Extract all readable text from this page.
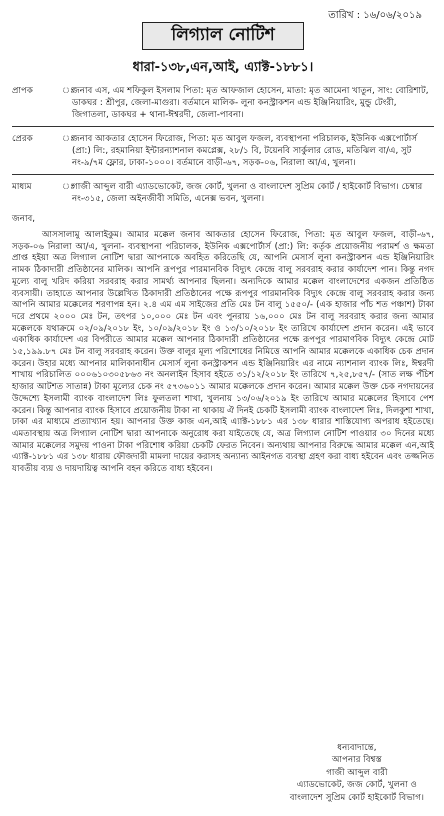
তারিখ : ১৬/০৬/২০১৯
লিগ্যাল নোটিশ
ধারা-১৩৮,এন,আই, এ্যাক্ট-১৮৮১।
প্রাপক	ঃ
জনাব এস, এম শফিকুল ইসলাম পিতা: মৃত আফজাল হোসেন, মাতা: মৃত আমেনা খাতুন, সাং: বোরিশাট, ডাকঘর : শ্রীপুর, জেলা-মাগুরা। বর্তমানে মালিক- লুনা কনস্ট্রাকশন এন্ড ইঞ্জিনিয়ারিং, মুন্ডু টেংরী, জিগাতলা, ডাকঘর + থানা-ঈশ্বরদী, জেলা-পাবনা।
প্রেরক	ঃ
জনাব আকতার হোসেন ফিরোজ, পিতা: মৃত আবুল ফজল, ব্যবস্থাপনা পরিচালক, ইউনিক এক্সপোর্টার্স (প্রা:) লি:, রহমানিয়া ইন্টারন্যাশনাল কমপ্লেক্স, ২৮/১ বি, টয়েনবি সার্কুলার রোড, মতিঝিল বা/এ, সুট নং-৯/৭ম ফ্লোর, ঢাকা-১০০০। বর্তমানে বাড়ী-৬৭, সড়ক-০৬, নিরালা আ/এ, খুলনা।
মাধ্যম	ঃ
গাজী আব্দুল বারী এ্যাডভোকেট, জজ কোর্ট, খুলনা ও বাংলাদেশ সুপ্রিম কোর্ট / হাইকোর্ট বিভাগ। চেম্বার নং-৩১৫, জেলা অইনজীবী সমিতি, এনেক্স ভবন, খুলনা।
জনাব,
আসসালামু আলাইকুম। আমার মক্কেল জনাব আকতার হোসেন ফিরোজ, পিতা: মৃত আবুল ফজল, বাড়ী-৬৭, সড়ক-০৬ নিরালা আ/এ, খুলনা- ব্যবস্থাপনা পরিচালক, ইউনিক এক্সপোর্টার্স (প্রা:) লি: কর্তৃক প্রয়োজনীয় পরামর্শ ও ক্ষমতা প্রাপ্ত হইয়া অত্র লিগ্যাল নোটিশ দ্বারা আপনাকে অবহিত করিতেছি যে, আপনি মেসার্স লুনা কনস্ট্রাকশন এন্ড ইঞ্জিনিয়ারিং নামক ঠিকাদারী প্রতিষ্ঠানের মালিক। আপনি রূপপুর পারমানবিক বিদ্যুৎ কেন্দ্রে বালু সরবরাহ করার কার্যাদেশ পান। কিন্তু নগদ মূল্যে বালু খরিদ করিয়া সরবরাহ করার সামর্থ্য আপনার ছিলনা। অন্যদিকে আমার মক্কেল বাংলাদেশের একজন প্রতিষ্ঠিত ব্যবসায়ী। তাহাতে আপনার উল্লেখিত ঠিকাদারী প্রতিষ্ঠানের পক্ষে রূপপুর পারমানবিক বিদ্যুৎ কেন্দ্রে বালু সরবরাহ করার জন্য আপনি আমার মক্কেলের শরণাপন্ন হন। ২.৪ এম এম সাইজের প্রতি মেঃ টন বালু ১৫৫০/- (এক হাজার পাঁচ শত পঞ্চাশ) টাকা দরে প্রথমে ২০০০ মেঃ টন, তৎপর ১০,০০০ মেঃ টন এবং পুনরায় ১৬,০০০ মেঃ টন বালু সরবরাহ করার জন্য আমার মক্কেলকে যথাক্রমে ০২/০৯/২০১৮ ইং, ১০/০৯/২০১৮ ইং ও ১৩/১০/২০১৮ ইং তারিখে কার্যাদেশ প্রদান করেন। এই ভাবে একাধিক কার্যাদেশ এর বিপরীতে আমার মক্কেল আপনার ঠিকাদারী প্রতিষ্ঠানের পক্ষে রূপপুর পারমাণবিক বিদ্যুৎ কেন্দ্রে মোট ১৫,১৯৯.৮৭ মেঃ টন বালু সরবরাহ করেন। উক্ত বালুর মূল্য পরিশোধের নিমিত্তে আপনি আমার মক্কেলকে একাধিক চেক প্রদান করেন। উহার মধ্যে আপনার মালিকানাধীন মেসার্স লুনা কনস্ট্রাকশন এন্ড ইঞ্জিনিয়ারিং এর নামে ন্যাশনাল ব্যাংক লিঃ, ঈশ্বরদী শাখায় পরিচালিত ০০০৬১০৩০৫৮৬৩ নং অনলাইন হিসাব হইতে ৩১/১২/২০১৮ ইং তারিখে ৭,২৫,৮৫৭/- (সাত লক্ষ পঁচিশ হাজার আটশত সাতান্ন) টাকা মূল্যের চেক নং ৫৭৩৬০১১ আমার মক্কেলকে প্রদান করেন। আমার মক্কেল উক্ত চেক নগদায়নের উদ্দেশ্যে ইসলামী ব্যাংক বাংলাদেশ লিঃ ফুলতলা শাখা, খুলনায় ১৩/০৬/২০১৯ ইং তারিখে আমার মক্কেলের হিসাবে পেশ করেন। কিন্তু আপনার ব্যাংক হিসাবে প্রয়োজনীয় টাকা না থাকায় ঐ দিনই চেকটি ইসলামী ব্যাংক বাংলাদেশ লিঃ, দিলকুশা শাখা, ঢাকা এর মাধ্যমে প্রত্যাখ্যান হয়। আপনার উক্ত কাজ এন,আই এ্যাক্ট-১৮৮১ এর ১৩৮ ধারার শাস্তিযোগ্য অপরাধ হইতেছে। এমতাবস্থায় অত্র লিগ্যাল নোটিশ দ্বারা আপনাকে অনুরোধ করা যাইতেছে যে, অত্র লিগ্যাল নোটিশ পাওয়ার ৩০ দিনের মধ্যে আমার মক্কেলের সমুদয় পাওনা টাকা পরিশোধ করিয়া চেকটি ফেরত নিবেন। অন্যথায় আপনার বিরুদ্ধে আমার মক্কেল এন,আই এ্যাক্ট-১৮৮১ এর ১৩৮ ধারায় ফৌজদারী মামলা দায়ের করাসহ অন্যান্য আইনগত ব্যবস্থা গ্রহণ করা বাধ্য হইবেন এবং তজ্জনিত যাবতীয় ব্যয় ও দায়দায়িত্ব আপনি বহন করিতে বাধ্য হইবেন।
ধন্যবাদান্তে,
আপনার বিশ্বস্ত
গাজী আব্দুল বারী
এ্যাডভোকেট, জজ কোর্ট, খুলনা ও
বাংলাদেশ সুপ্রিম কোর্ট হাইকোর্ট বিভাগ।
